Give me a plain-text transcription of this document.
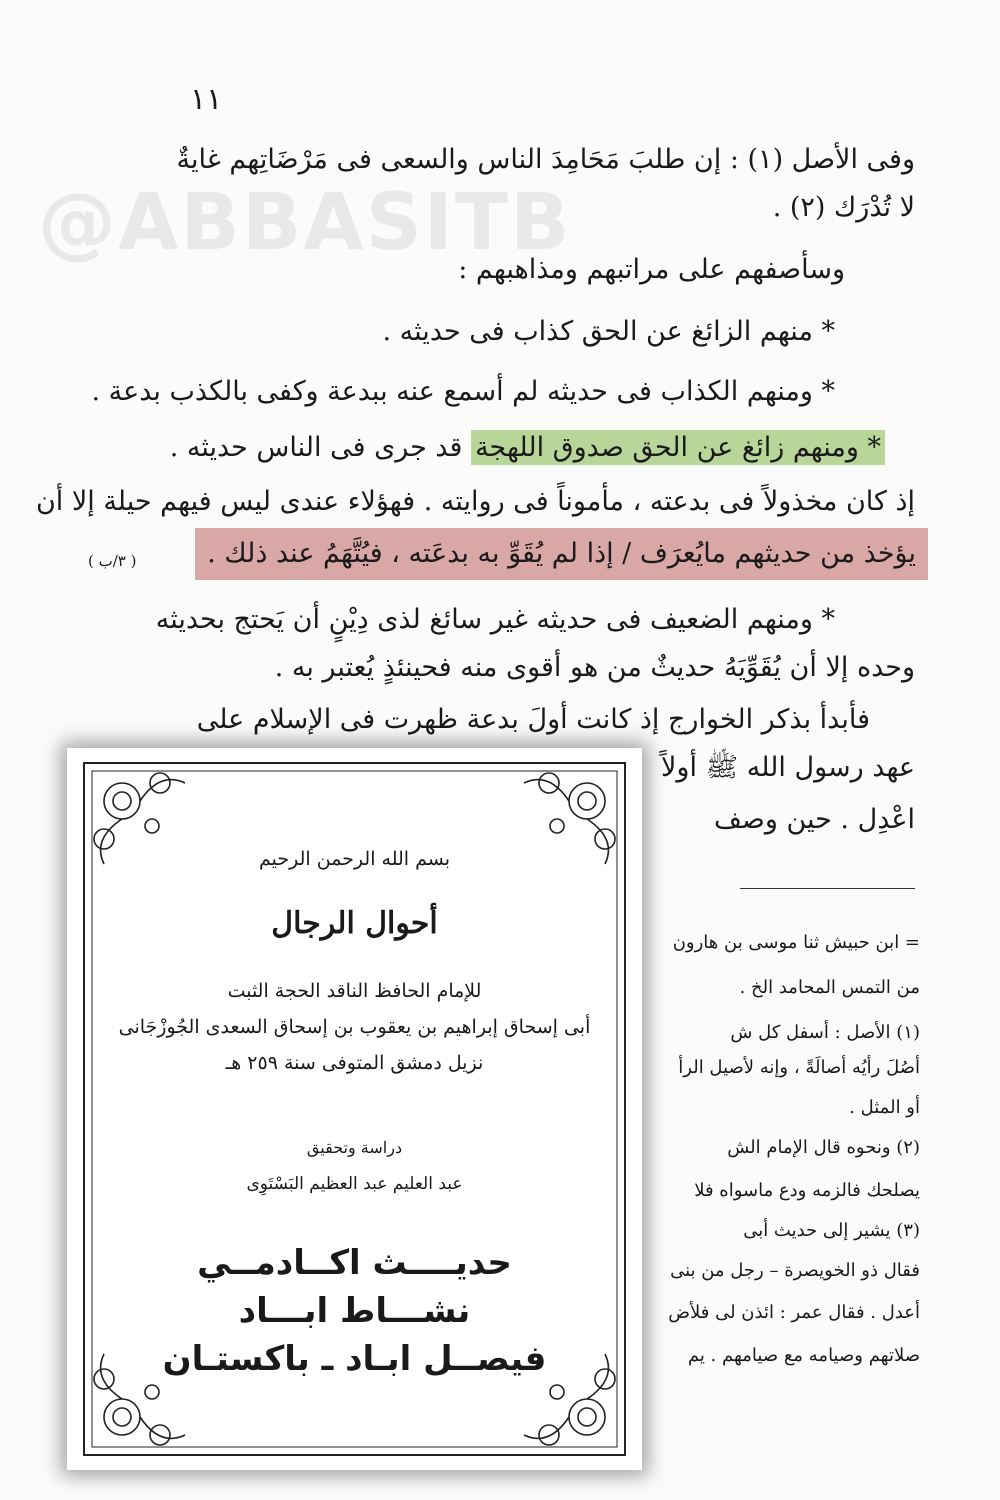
@ABBASITB
١١
وفى الأصل (١) : إن طلبَ مَحَامِدَ الناس والسعى فى مَرْضَاتِهم غايةٌ
لا تُدْرَك (٢) .
وسأصفهم على مراتبهم ومذاهبهم :
* منهم الزائغ عن الحق كذاب فى حديثه .
* ومنهم الكذاب فى حديثه لم أسمع عنه ببدعة وكفى بالكذب بدعة .
* ومنهم زائغ عن الحق صدوق اللهجة قد جرى فى الناس حديثه .
إذ كان مخذولاً فى بدعته ، مأموناً فى روايته . فهؤلاء عندى ليس فيهم حيلة إلا أن
يؤخذ من حديثهم مايُعرَف / إذا لم يُقَوِّ به بدعَته ، فيُتَّهَمُ عند ذلك .
( ٣/ب )
* ومنهم الضعيف فى حديثه غير سائغ لذى دِيْنٍ أن يَحتج بحديثه
وحده إلا أن يُقَوِّيَهُ حديثٌ من هو أقوى منه فحينئذٍ يُعتبر به .
فأبدأ بذكر الخوارج إذ كانت أولَ بدعة ظهرت فى الإسلام على
عهد رسول الله ﷺ أولاً
اعْدِل . حين وصف
= ابن حبيش ثنا موسى بن هارون
من التمس المحامد الخ .
(١) الأصل : أسفل كل ش
أصُلَ رأيُه أصالَةً ، وإنه لأصيل الرأ
أو المثل .
(٢) ونحوه قال الإمام الش
يصلحك فالزمه ودع ماسواه فلا
(٣) يشير إلى حديث أبى
فقال ذو الخويصرة – رجل من بنى
أعدل . فقال عمر : ائذن لى فلأض
صلاتهم وصيامه مع صيامهم . يم
بسم الله الرحمن الرحيم
أحوال الرجال
للإمام الحافظ الناقد الحجة الثبت
أبى إسحاق إبراهيم بن يعقوب بن إسحاق السعدى الجُوزْجَانى
نزيل دمشق المتوفى سنة ٢٥٩ هـ
دراسة وتحقيق
عبد العليم عبد العظيم البَسْتَوِى
حديــــث اكــادمــي
نشـــاط ابـــاد
فيصــل ابـاد ـ باكستـان
